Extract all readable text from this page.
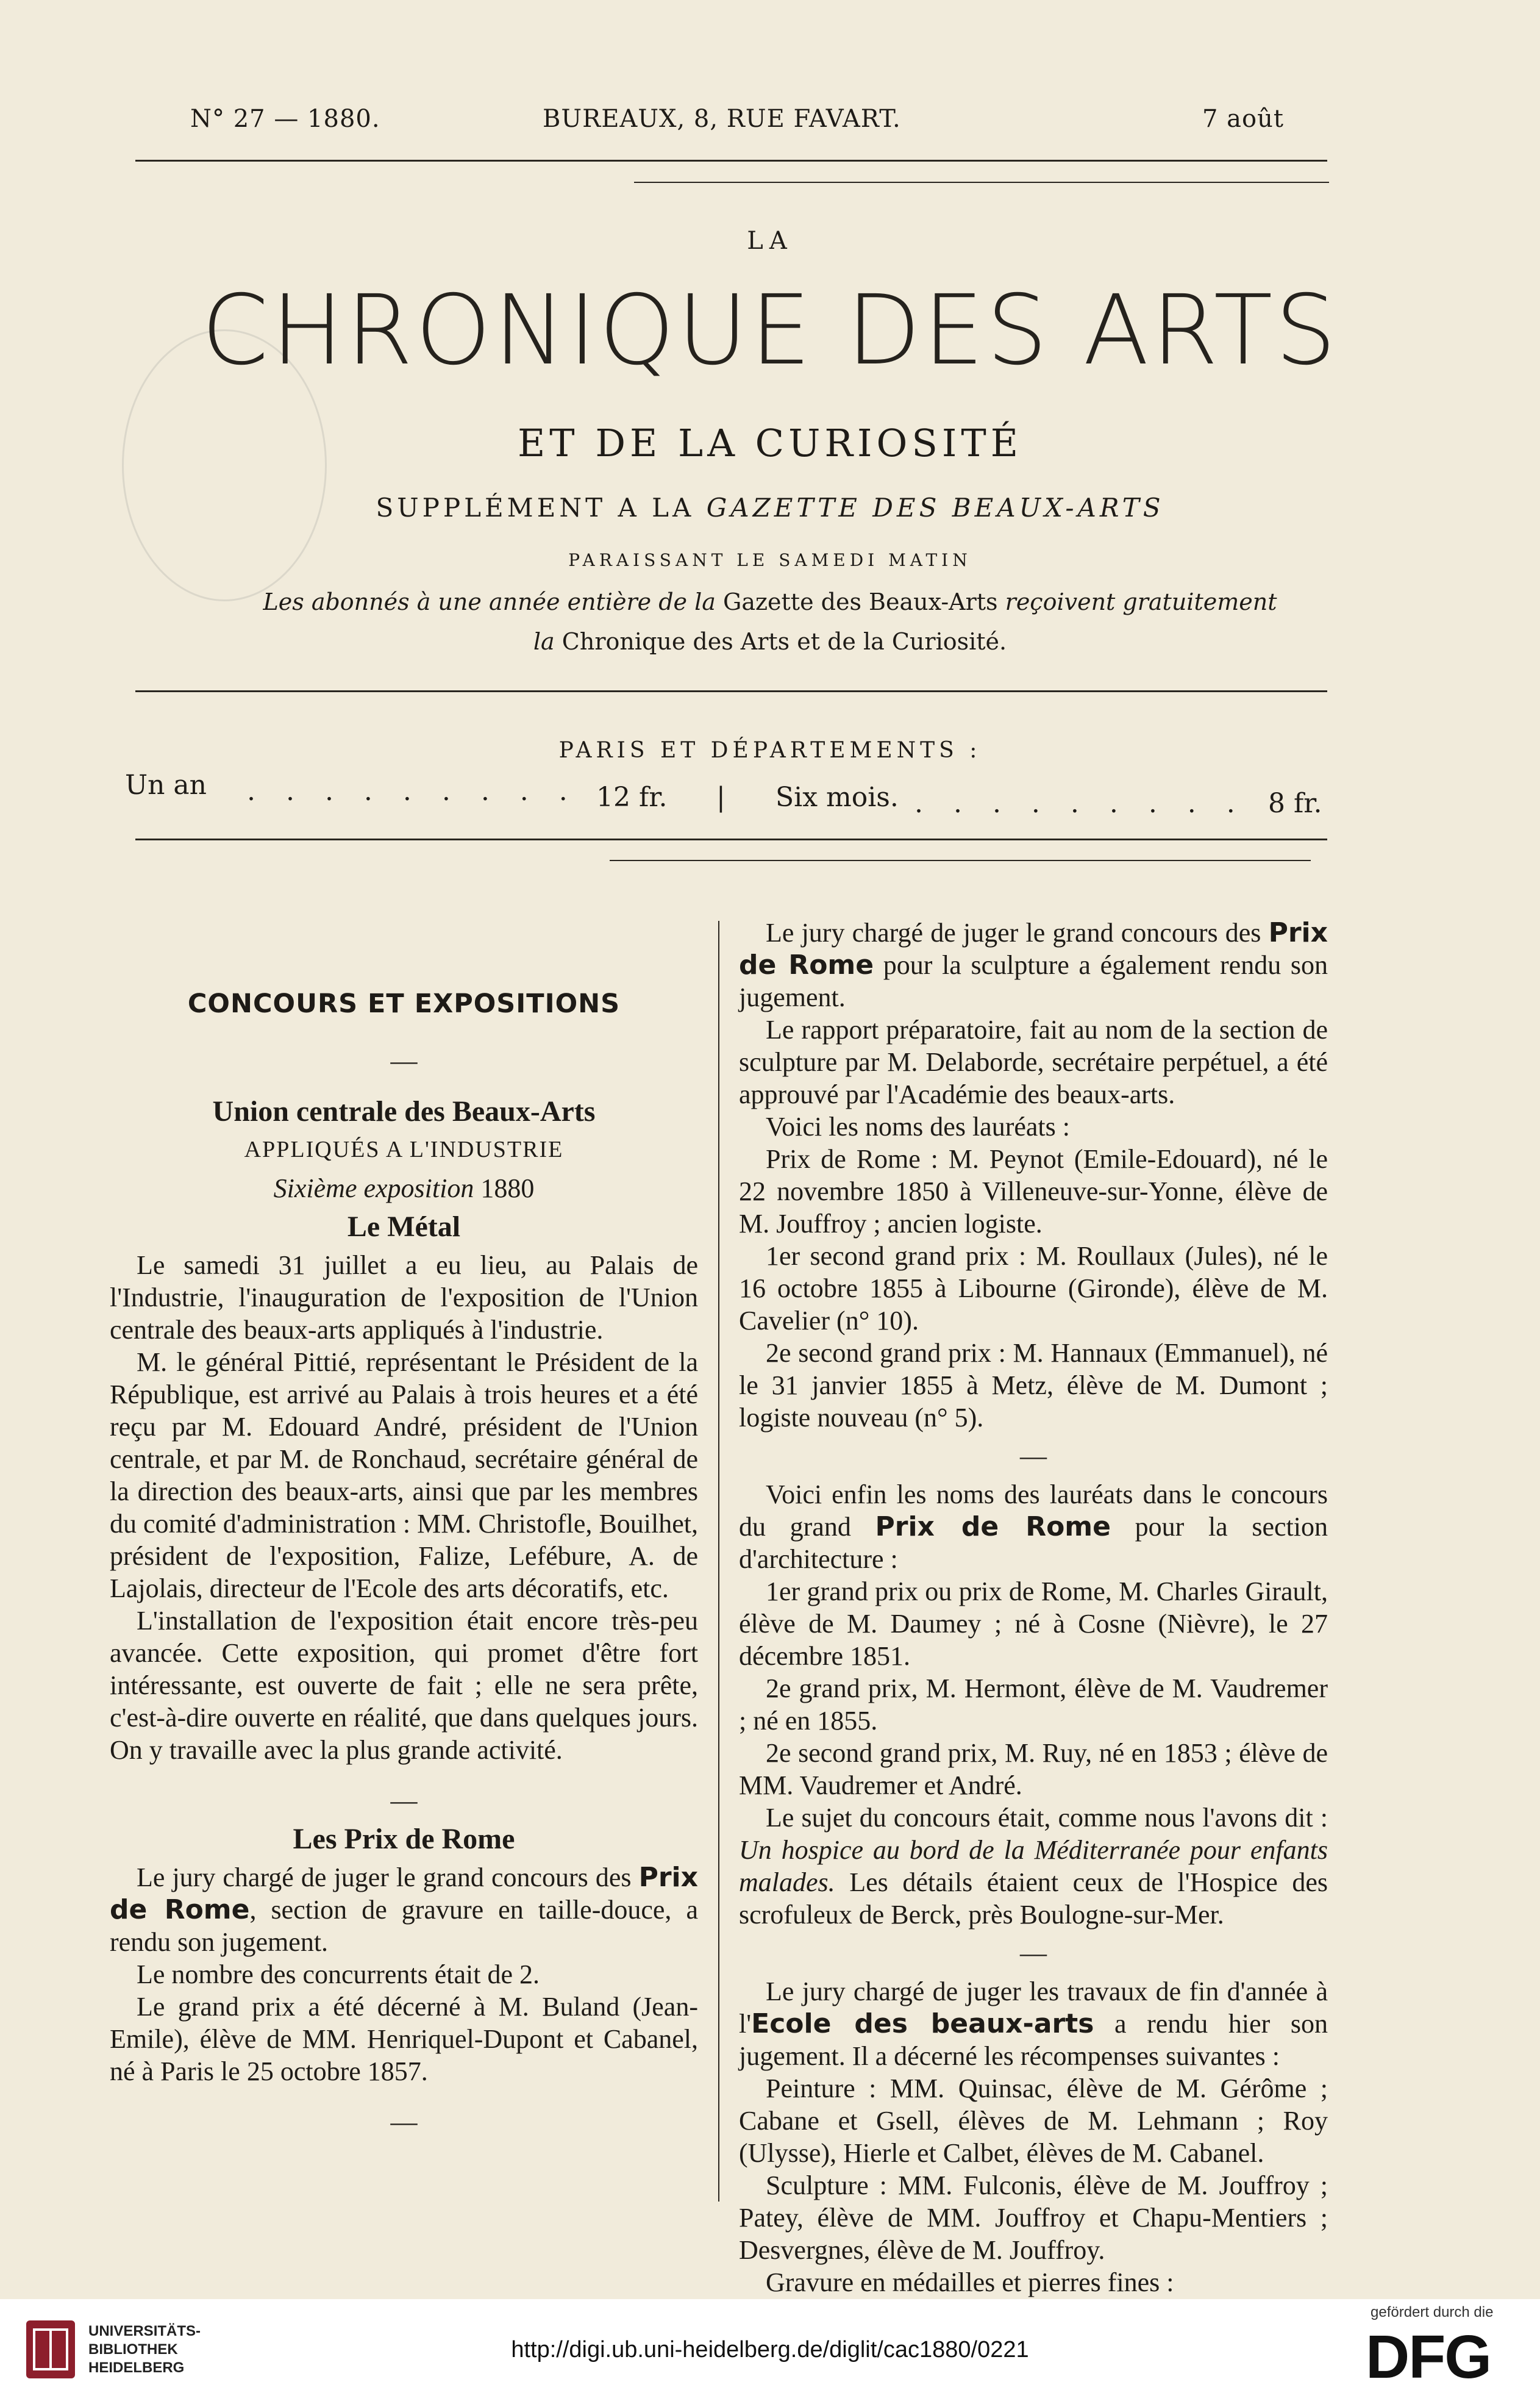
N° 27 — 1880.	BUREAUX, 8, RUE FAVART.	7 août
LA
CHRONIQUE DES ARTS
ET DE LA CURIOSITÉ
SUPPLÉMENT A LA GAZETTE DES BEAUX-ARTS
PARAISSANT LE SAMEDI MATIN
Les abonnés à une année entière de la Gazette des Beaux-Arts reçoivent gratuitement
la Chronique des Arts et de la Curiosité.
PARIS ET DÉPARTEMENTS :
Un an . . . . . . . . . 12 fr. | Six mois. . . . . . . . . . 8 fr.

CONCOURS ET EXPOSITIONS

—

Union centrale des Beaux-Arts

APPLIQUÉS A L'INDUSTRIE

Sixième exposition 1880

Le Métal

Le samedi 31 juillet a eu lieu, au Palais de l'Industrie, l'inauguration de l'exposition de l'Union centrale des beaux-arts appliqués à l'industrie.

M. le général Pittié, représentant le Président de la République, est arrivé au Palais à trois heures et a été reçu par M. Edouard André, président de l'Union centrale, et par M. de Ronchaud, secrétaire général de la direction des beaux-arts, ainsi que par les membres du comité d'administration : MM. Christofle, Bouilhet, président de l'exposition, Falize, Lefébure, A. de Lajolais, directeur de l'Ecole des arts décoratifs, etc.

L'installation de l'exposition était encore très-peu avancée. Cette exposition, qui promet d'être fort intéressante, est ouverte de fait ; elle ne sera prête, c'est-à-dire ouverte en réalité, que dans quelques jours. On y travaille avec la plus grande activité.

—

Les Prix de Rome

Le jury chargé de juger le grand concours des Prix de Rome, section de gravure en taille-douce, a rendu son jugement.

Le nombre des concurrents était de 2.

Le grand prix a été décerné à M. Buland (Jean-Emile), élève de MM. Henriquel-Dupont et Cabanel, né à Paris le 25 octobre 1857.

—

Le jury chargé de juger le grand concours des Prix de Rome pour la sculpture a également rendu son jugement.

Le rapport préparatoire, fait au nom de la section de sculpture par M. Delaborde, secrétaire perpétuel, a été approuvé par l'Académie des beaux-arts.

Voici les noms des lauréats :

Prix de Rome : M. Peynot (Emile-Edouard), né le 22 novembre 1850 à Villeneuve-sur-Yonne, élève de M. Jouffroy ; ancien logiste.

1er second grand prix : M. Roullaux (Jules), né le 16 octobre 1855 à Libourne (Gironde), élève de M. Cavelier (n° 10).

2e second grand prix : M. Hannaux (Emmanuel), né le 31 janvier 1855 à Metz, élève de M. Dumont ; logiste nouveau (n° 5).

—

Voici enfin les noms des lauréats dans le concours du grand Prix de Rome pour la section d'architecture :

1er grand prix ou prix de Rome, M. Charles Girault, élève de M. Daumey ; né à Cosne (Nièvre), le 27 décembre 1851.

2e grand prix, M. Hermont, élève de M. Vaudremer ; né en 1855.

2e second grand prix, M. Ruy, né en 1853 ; élève de MM. Vaudremer et André.

Le sujet du concours était, comme nous l'avons dit : Un hospice au bord de la Méditerranée pour enfants malades. Les détails étaient ceux de l'Hospice des scrofuleux de Berck, près Boulogne-sur-Mer.

—

Le jury chargé de juger les travaux de fin d'année à l'Ecole des beaux-arts a rendu hier son jugement. Il a décerné les récompenses suivantes :

Peinture : MM. Quinsac, élève de M. Gérôme ; Cabane et Gsell, élèves de M. Lehmann ; Roy (Ulysse), Hierle et Calbet, élèves de M. Cabanel.

Sculpture : MM. Fulconis, élève de M. Jouffroy ; Patey, élève de MM. Jouffroy et Chapu-Mentiers ; Desvergnes, élève de M. Jouffroy.

Gravure en médailles et pierres fines :

UNIVERSITÄTS-
BIBLIOTHEK
HEIDELBERG
http://digi.ub.uni-heidelberg.de/diglit/cac1880/0221
gefördert durch die
DFG
